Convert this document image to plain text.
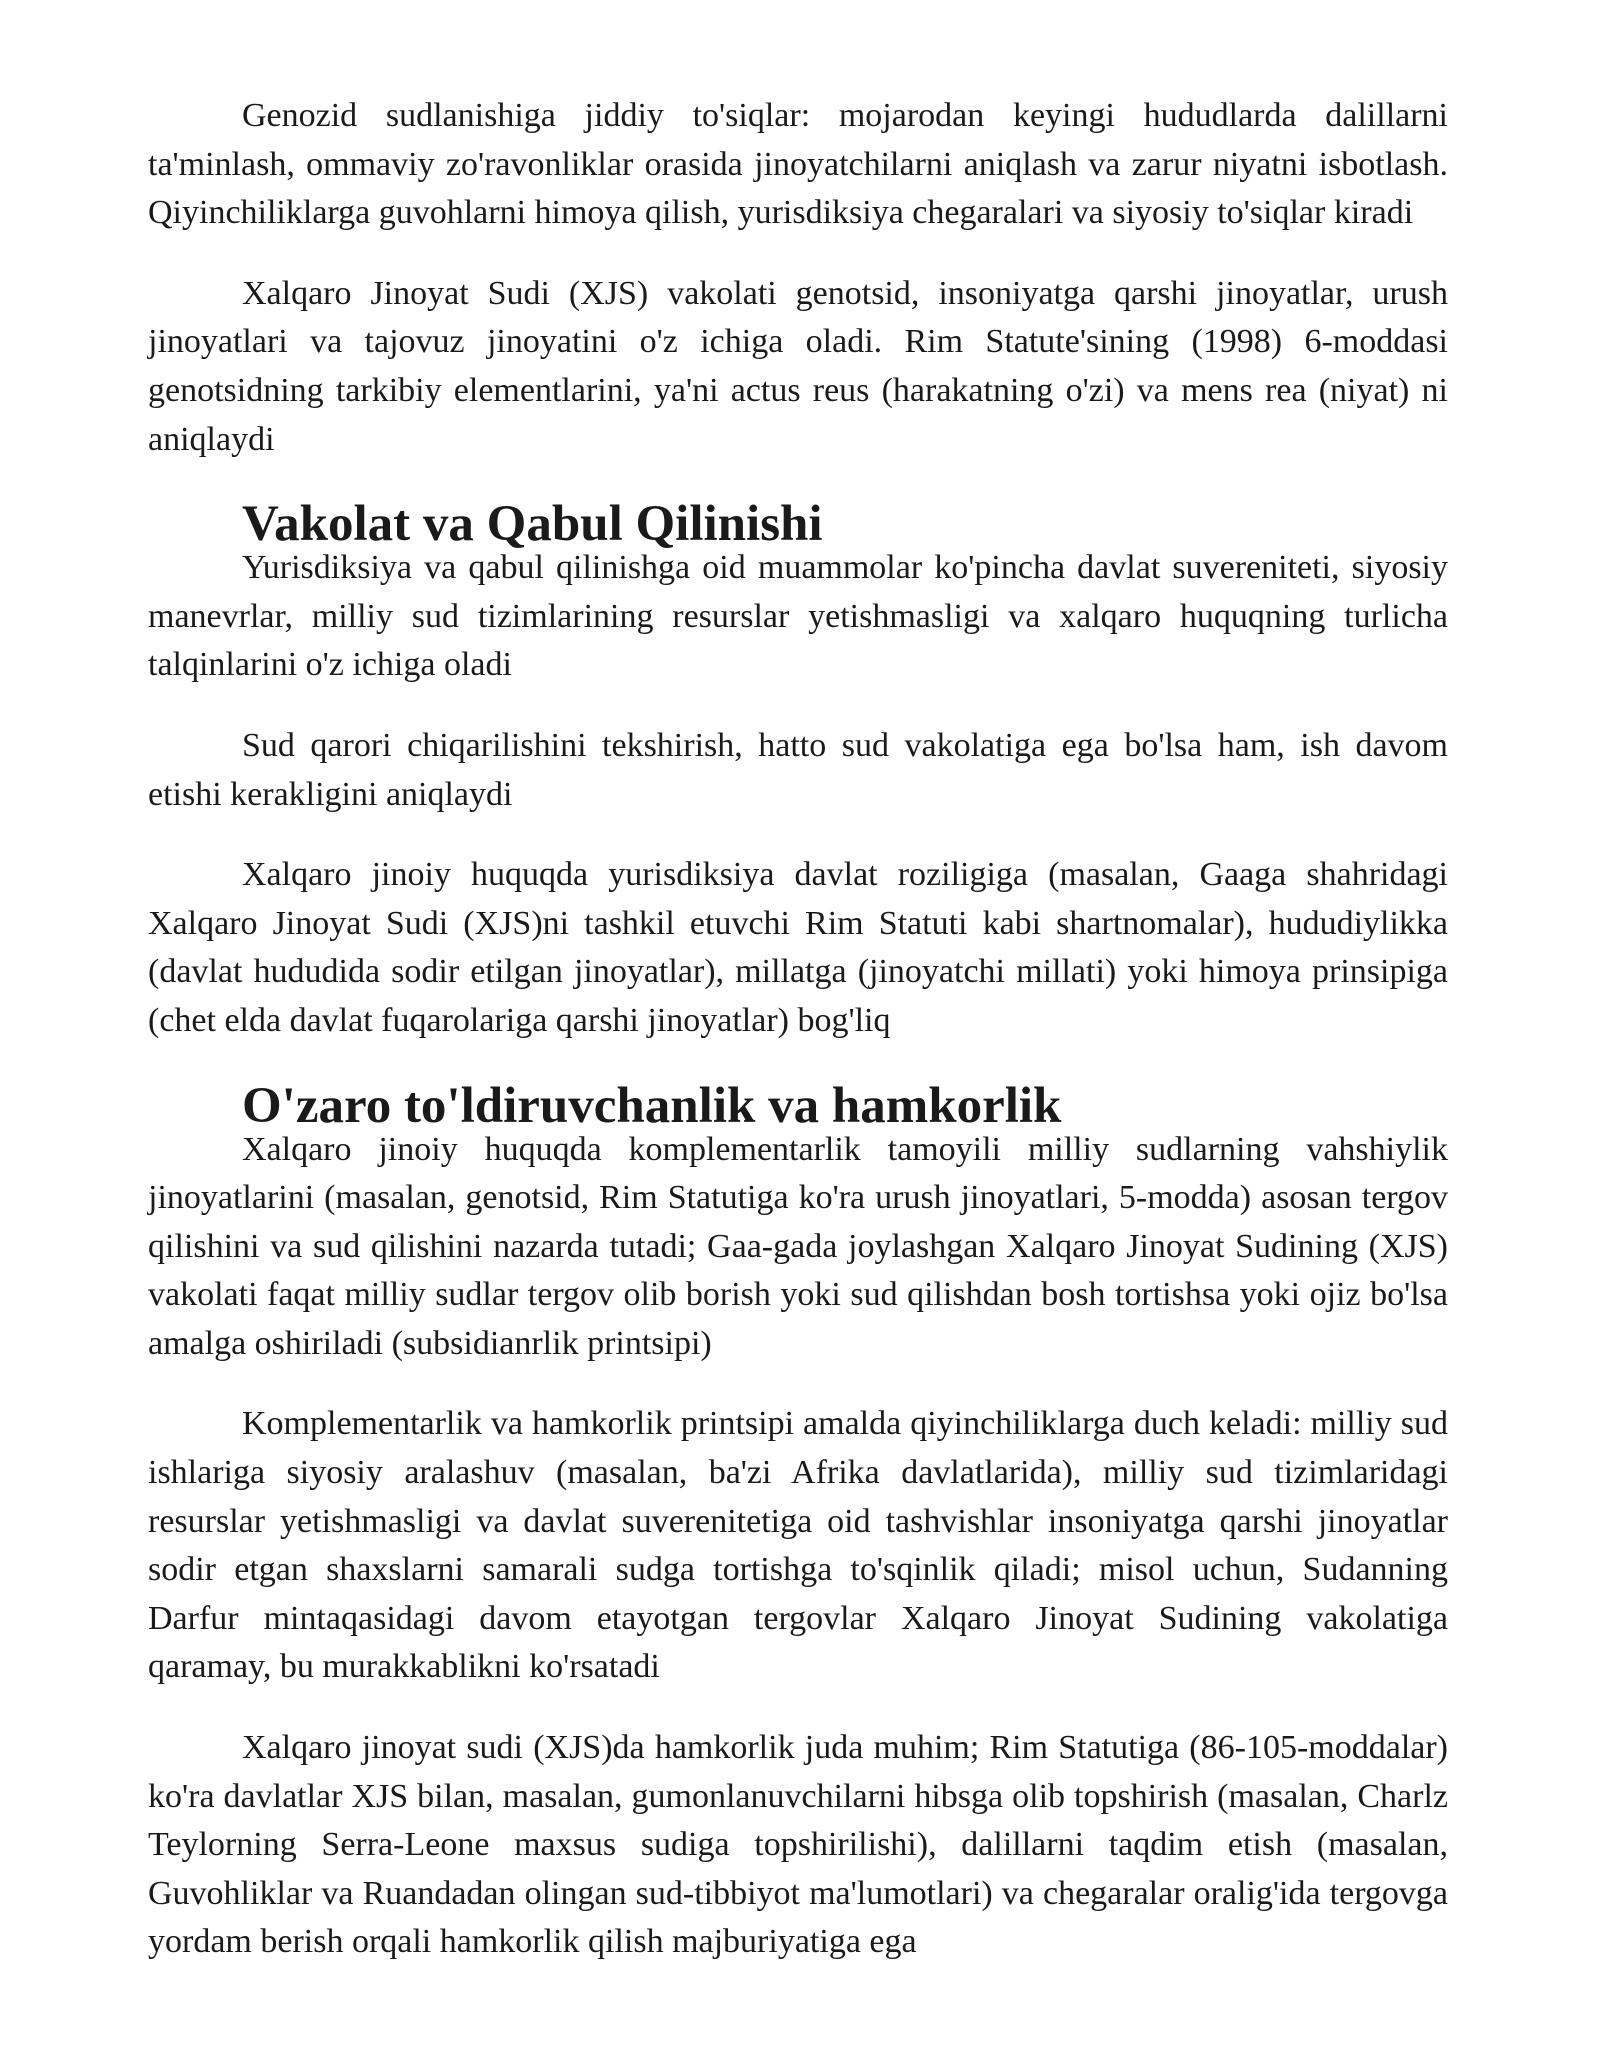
Genozid sudlanishiga jiddiy to'siqlar: mojarodan keyingi hududlarda dalillarni ta'minlash, ommaviy zo'ravonliklar orasida jinoyatchilarni aniqlash va zarur niyatni isbotlash. Qiyinchiliklarga guvohlarni himoya qilish, yurisdiksiya chegaralari va siyosiy to'siqlar kiradi

Xalqaro Jinoyat Sudi (XJS) vakolati genotsid, insoniyatga qarshi jinoyatlar, urush jinoyatlari va tajovuz jinoyatini o'z ichiga oladi. Rim Statute'sining (1998) 6-moddasi genotsidning tarkibiy elementlarini, ya'ni actus reus (harakatning o'zi) va mens rea (niyat) ni aniqlaydi

Vakolat va Qabul Qilinishi

Yurisdiksiya va qabul qilinishga oid muammolar ko'pincha davlat suvereniteti, siyosiy manevrlar, milliy sud tizimlarining resurslar yetishmasligi va xalqaro huquqning turlicha talqinlarini o'z ichiga oladi

Sud qarori chiqarilishini tekshirish, hatto sud vakolatiga ega bo'lsa ham, ish davom etishi kerakligini aniqlaydi

Xalqaro jinoiy huquqda yurisdiksiya davlat roziligiga (masalan, Gaaga shahridagi Xalqaro Jinoyat Sudi (XJS)ni tashkil etuvchi Rim Statuti kabi shartnomalar), hududiylikka (davlat hududida sodir etilgan jinoyatlar), millatga (jinoyatchi millati) yoki himoya prinsipiga (chet elda davlat fuqarolariga qarshi jinoyatlar) bog'liq

O'zaro to'ldiruvchanlik va hamkorlik

Xalqaro jinoiy huquqda komplementarlik tamoyili milliy sudlarning vahshiylik jinoyatlarini (masalan, genotsid, Rim Statutiga ko'ra urush jinoyatlari, 5-modda) asosan tergov qilishini va sud qilishini nazarda tutadi; Gaa-gada joylashgan Xalqaro Jinoyat Sudining (XJS) vakolati faqat milliy sudlar tergov olib borish yoki sud qilishdan bosh tortishsa yoki ojiz bo'lsa amalga oshiriladi (subsidianrlik printsipi)

Komplementarlik va hamkorlik printsipi amalda qiyinchiliklarga duch keladi: milliy sud ishlariga siyosiy aralashuv (masalan, ba'zi Afrika davlatlarida), milliy sud tizimlaridagi resurslar yetishmasligi va davlat suverenitetiga oid tashvishlar insoniyatga qarshi jinoyatlar sodir etgan shaxslarni samarali sudga tortishga to'sqinlik qiladi; misol uchun, Sudanning Darfur mintaqasidagi davom etayotgan tergovlar Xalqaro Jinoyat Sudining vakolatiga qaramay, bu murakkablikni ko'rsatadi

Xalqaro jinoyat sudi (XJS)da hamkorlik juda muhim; Rim Statutiga (86-105-moddalar) ko'ra davlatlar XJS bilan, masalan, gumonlanuvchilarni hibsga olib topshirish (masalan, Charlz Teylorning Serra-Leone maxsus sudiga topshirilishi), dalillarni taqdim etish (masalan, Guvohliklar va Ruandadan olingan sud-tibbiyot ma'lumotlari) va chegaralar oralig'ida tergovga yordam berish orqali hamkorlik qilish majburiyatiga ega
